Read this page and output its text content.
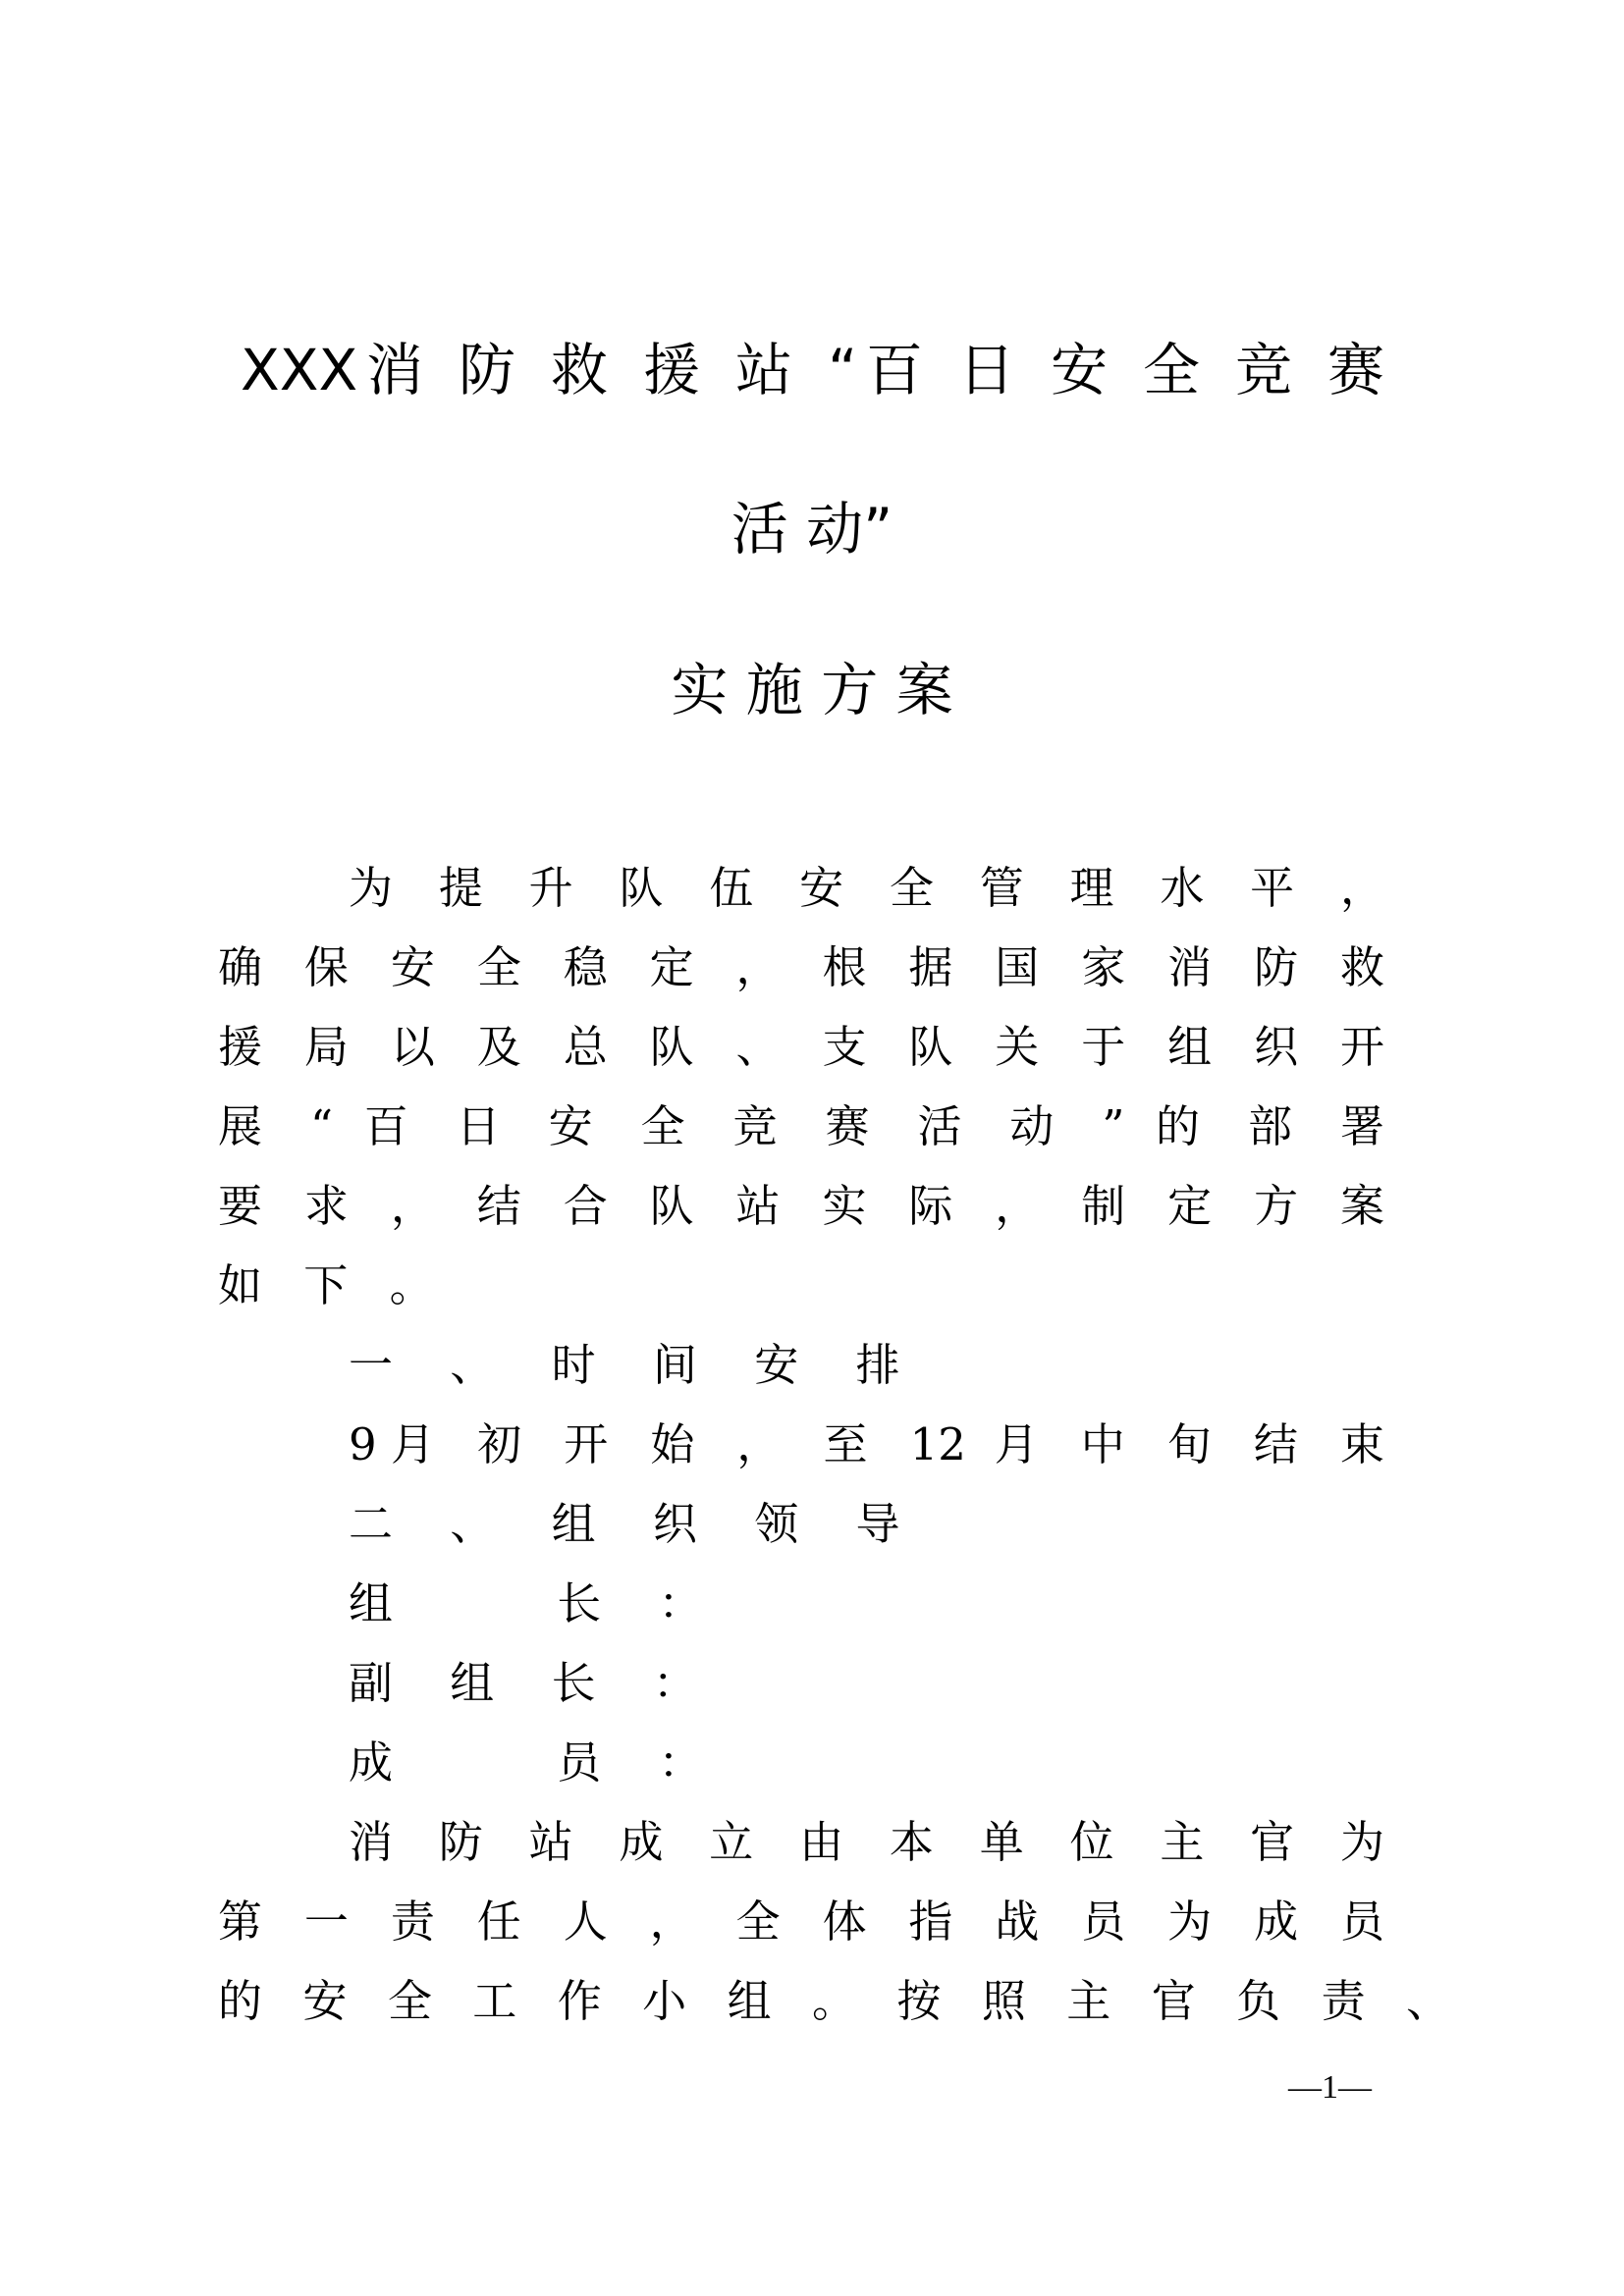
XXX消 防 救 援 站 “百 日 安 全 竞 赛

活 动”

实 施 方 案

为 提 升 队 伍 安 全 管 理 水 平 ，

确 保 安 全 稳 定 ， 根 据 国 家 消 防 救

援 局 以 及 总 队 、 支 队 关 于 组 织 开

展 “ 百 日 安 全 竞 赛 活 动 ” 的 部 署

要 求 ， 结 合 队 站 实 际 ， 制 定 方 案

如 下 。

一 、 时 间 安 排

9月 初 开 始 ， 至 12 月 中 旬 结 束

二 、 组 织 领 导

组    长 ：

副 组 长 ：

成    员 ：

消 防 站 成 立 由 本 单 位 主 官 为

第 一 责 任 人 ， 全 体 指 战 员 为 成 员

的 安 全 工 作 小 组 。 按 照 主 官 负 责 、

—1—
